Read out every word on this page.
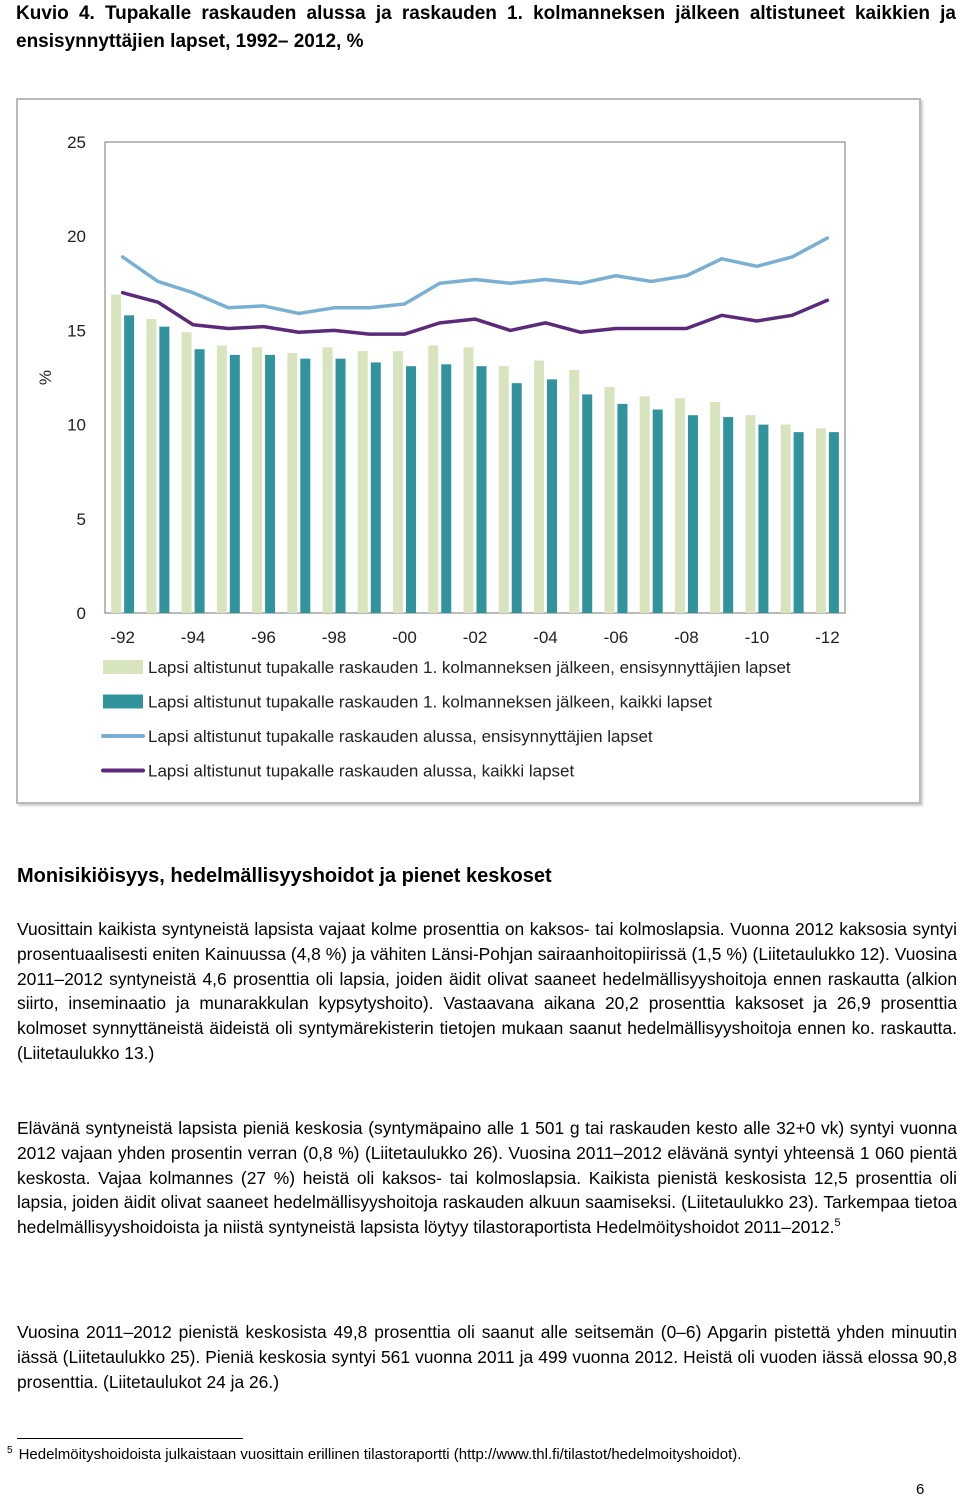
Kuvio 4. Tupakalle raskauden alussa ja raskauden 1. kolmanneksen jälkeen altistuneet kaikkien ja ensisynnyttäjien lapset, 1992– 2012, %
0
5
10
15
20
25
%
-92	-94	-96	-98	-00	-02	-04	-06	-08	-10	-12
Lapsi altistunut tupakalle raskauden 1. kolmanneksen jälkeen, ensisynnyttäjien lapset
Lapsi altistunut tupakalle raskauden 1. kolmanneksen jälkeen, kaikki lapset
Lapsi altistunut tupakalle raskauden alussa, ensisynnyttäjien lapset
Lapsi altistunut tupakalle raskauden alussa, kaikki lapset
Monisikiöisyys, hedelmällisyyshoidot ja pienet keskoset

Vuosittain kaikista syntyneistä lapsista vajaat kolme prosenttia on kaksos- tai kolmoslapsia. Vuonna 2012 kaksosia syntyi prosentuaalisesti eniten Kainuussa (4,8 %) ja vähiten Länsi-Pohjan sairaanhoitopiirissä (1,5 %) (Liitetaulukko 12). Vuosina 2011–2012 syntyneistä 4,6 prosenttia oli lapsia, joiden äidit olivat saaneet hedelmällisyyshoitoja ennen raskautta (alkion siirto, inseminaatio ja munarakkulan kypsytyshoito). Vastaavana aikana 20,2 prosenttia kaksoset ja 26,9 prosenttia kolmoset synnyttäneistä äideistä oli syntymärekisterin tietojen mukaan saanut hedelmällisyyshoitoja ennen ko. raskautta. (Liitetaulukko 13.)

Elävänä syntyneistä lapsista pieniä keskosia (syntymäpaino alle 1 501 g tai raskauden kesto alle 32+0 vk) syntyi vuonna 2012 vajaan yhden prosentin verran (0,8 %) (Liitetaulukko 26). Vuosina 2011–2012 elävänä syntyi yhteensä 1 060 pientä keskosta. Vajaa kolmannes (27 %) heistä oli kaksos- tai kolmoslapsia. Kaikista pienistä keskosista 12,5 prosenttia oli lapsia, joiden äidit olivat saaneet hedelmällisyyshoitoja raskauden alkuun saamiseksi. (Liitetaulukko 23). Tarkempaa tietoa hedelmällisyyshoidoista ja niistä syntyneistä lapsista löytyy tilastoraportista Hedelmöityshoidot 2011–2012.$^5$

Vuosina 2011–2012 pienistä keskosista 49,8 prosenttia oli saanut alle seitsemän (0–6) Apgarin pistettä yhden minuutin iässä (Liitetaulukko 25). Pieniä keskosia syntyi 561 vuonna 2011 ja 499 vuonna 2012. Heistä oli vuoden iässä elossa 90,8 prosenttia. (Liitetaulukot 24 ja 26.)

$^5$ Hedelmöityshoidoista julkaistaan vuosittain erillinen tilastoraportti (http://www.thl.fi/tilastot/hedelmoityshoidot).
6
